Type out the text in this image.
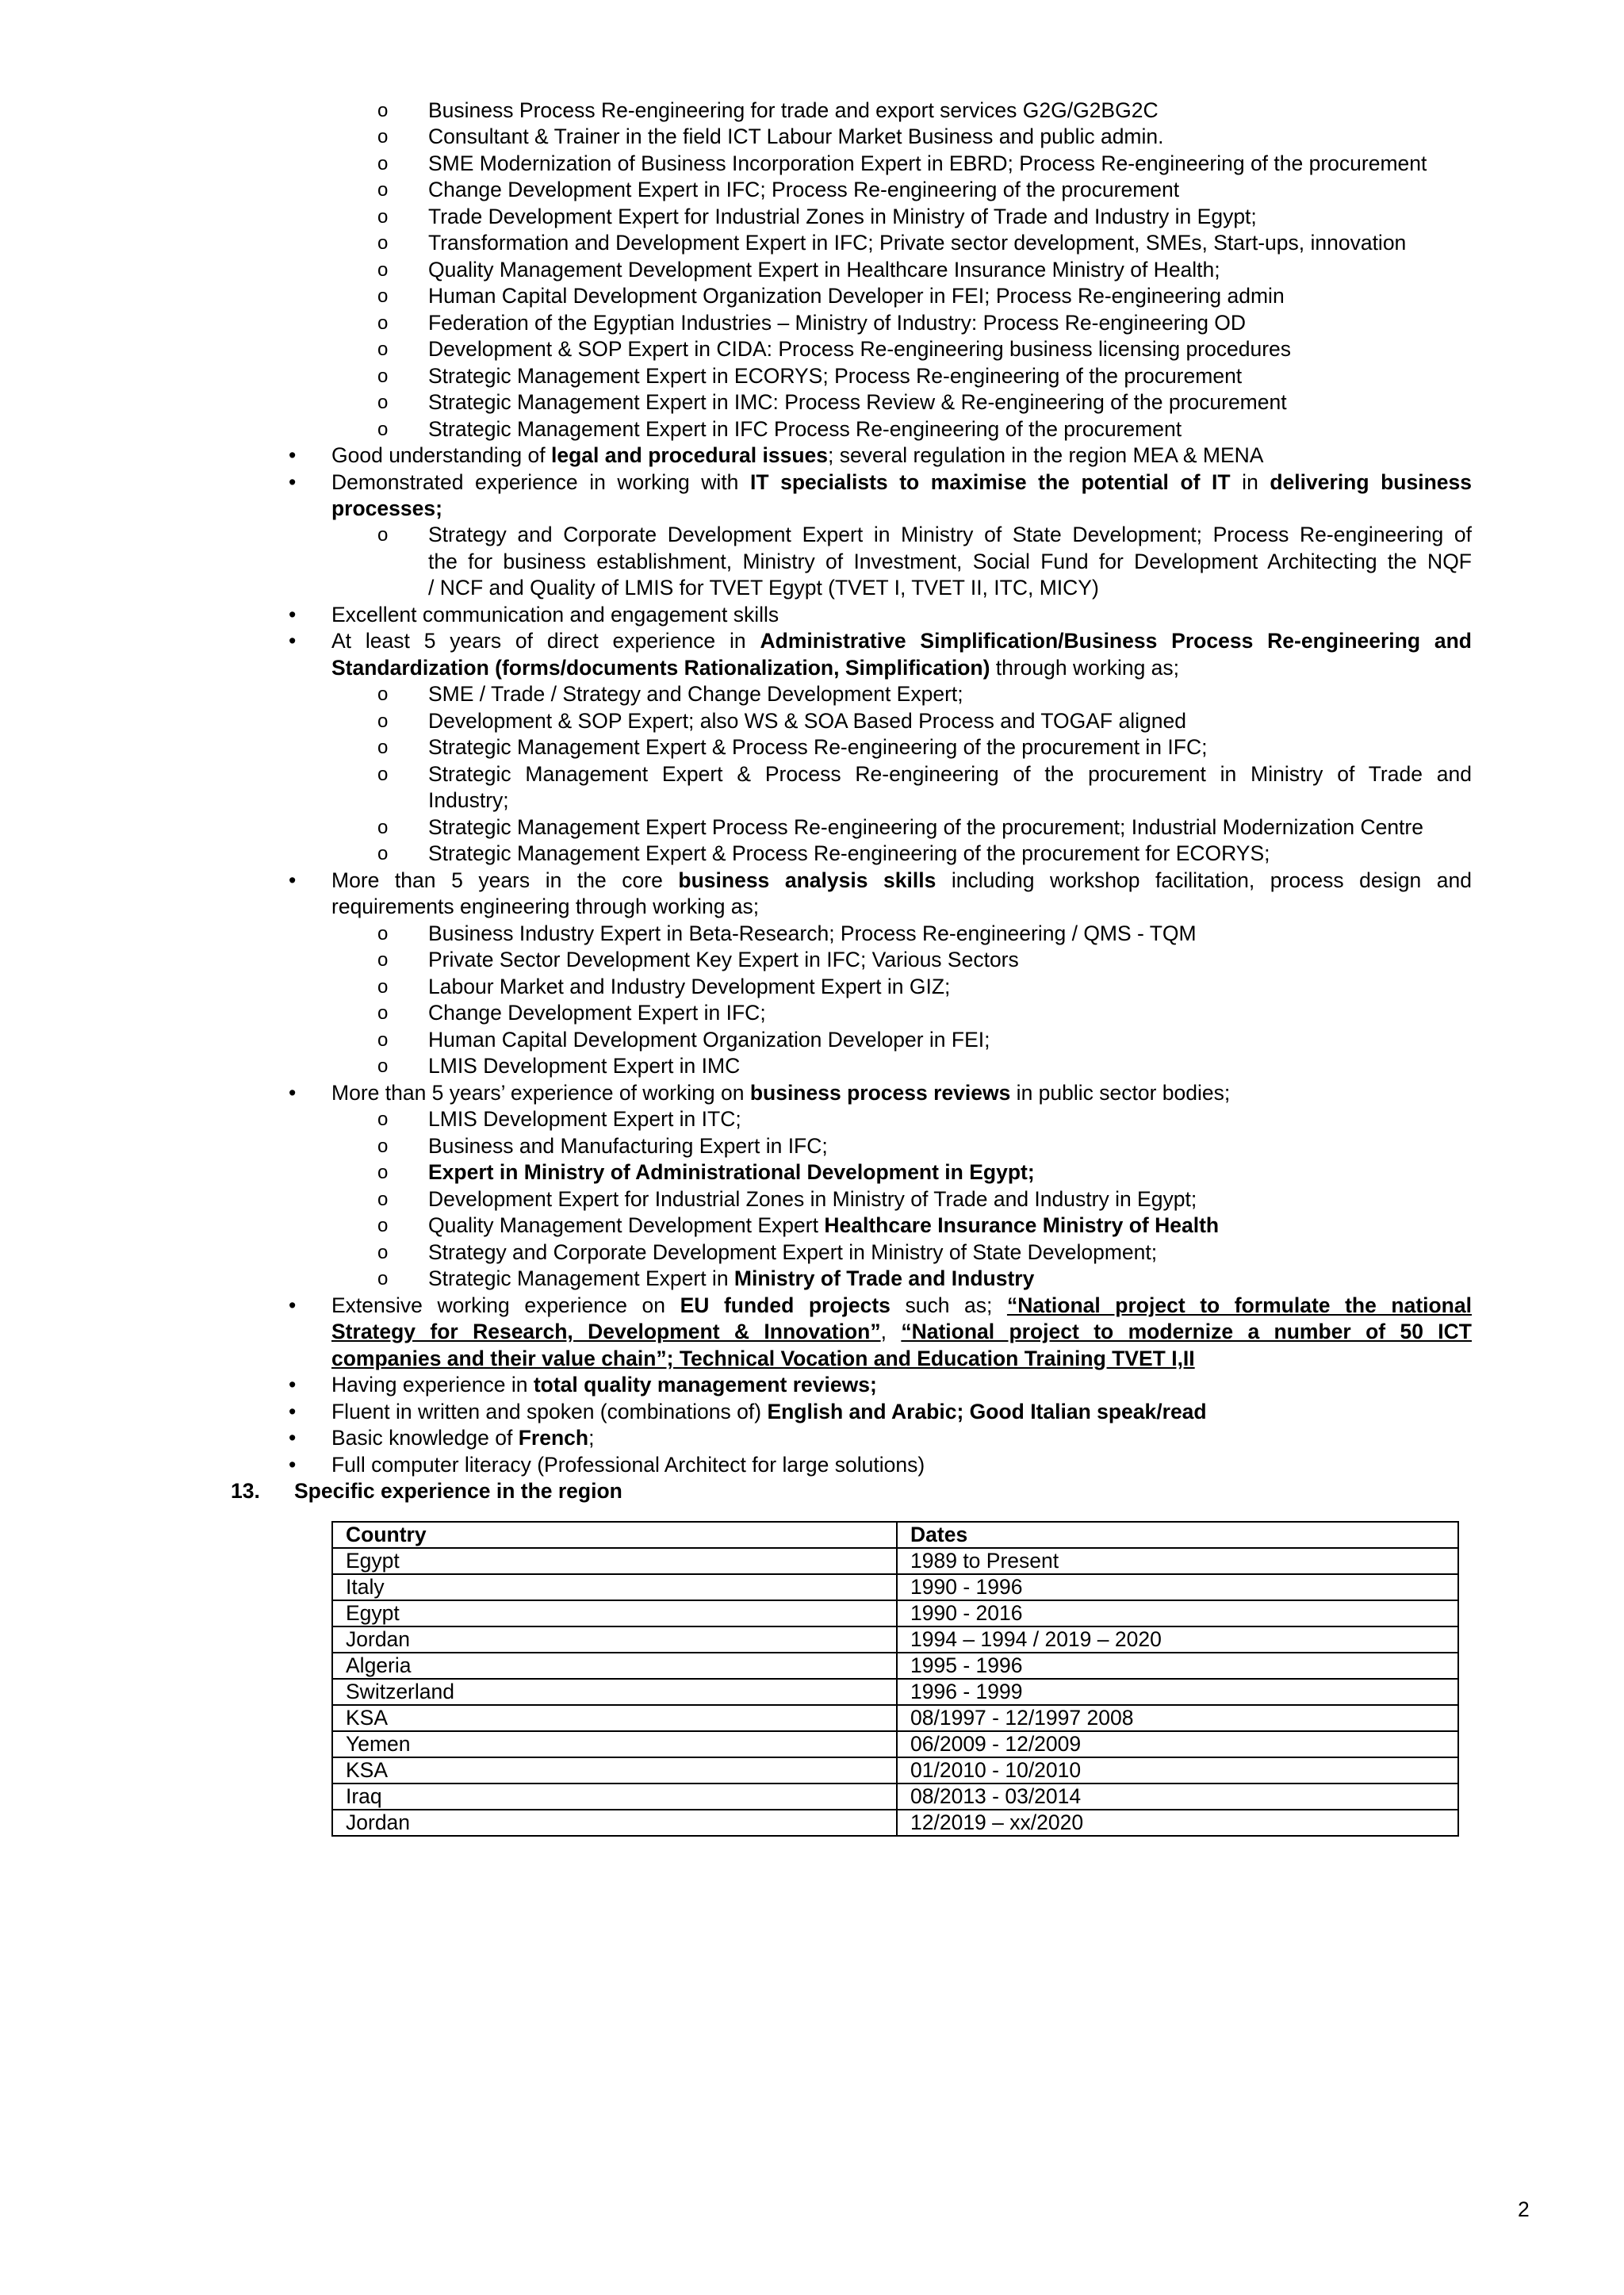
o Business Process Re-engineering for trade and export services G2G/G2BG2C
o Consultant & Trainer in the field ICT Labour Market Business and public admin.
o SME Modernization of Business Incorporation Expert in EBRD; Process Re-engineering of the procurement
o Change Development Expert in IFC; Process Re-engineering of the procurement
o Trade Development Expert for Industrial Zones in Ministry of Trade and Industry in Egypt;
o Transformation and Development Expert in IFC; Private sector development, SMEs, Start-ups, innovation
o Quality Management Development Expert in Healthcare Insurance Ministry of Health;
o Human Capital Development Organization Developer in FEI; Process Re-engineering admin
o Federation of the Egyptian Industries – Ministry of Industry: Process Re-engineering OD
o Development & SOP Expert in CIDA: Process Re-engineering business licensing procedures
o Strategic Management Expert in ECORYS; Process Re-engineering of the procurement
o Strategic Management Expert in IMC: Process Review & Re-engineering of the procurement
o Strategic Management Expert in IFC Process Re-engineering of the procurement
• Good understanding of legal and procedural issues; several regulation in the region MEA & MENA
• Demonstrated experience in working with IT specialists to maximise the potential of IT in delivering business
processes;
o Strategy and Corporate Development Expert in Ministry of State Development; Process Re-engineering of
the for business establishment, Ministry of Investment, Social Fund for Development Architecting the NQF
/ NCF and Quality of LMIS for TVET Egypt (TVET I, TVET II, ITC, MICY)
• Excellent communication and engagement skills
• At least 5 years of direct experience in Administrative Simplification/Business Process Re-engineering and
Standardization (forms/documents Rationalization, Simplification) through working as;
o SME / Trade / Strategy and Change Development Expert;
o Development & SOP Expert; also WS & SOA Based Process and TOGAF aligned
o Strategic Management Expert & Process Re-engineering of the procurement in IFC;
o Strategic Management Expert & Process Re-engineering of the procurement in Ministry of Trade and
Industry;
o Strategic Management Expert Process Re-engineering of the procurement; Industrial Modernization Centre
o Strategic Management Expert & Process Re-engineering of the procurement for ECORYS;
• More than 5 years in the core business analysis skills including workshop facilitation, process design and
requirements engineering through working as;
o Business Industry Expert in Beta-Research; Process Re-engineering / QMS - TQM
o Private Sector Development Key Expert in IFC; Various Sectors
o Labour Market and Industry Development Expert in GIZ;
o Change Development Expert in IFC;
o Human Capital Development Organization Developer in FEI;
o LMIS Development Expert in IMC
• More than 5 years’ experience of working on business process reviews in public sector bodies;
o LMIS Development Expert in ITC;
o Business and Manufacturing Expert in IFC;
o Expert in Ministry of Administrational Development in Egypt;
o Development Expert for Industrial Zones in Ministry of Trade and Industry in Egypt;
o Quality Management Development Expert Healthcare Insurance Ministry of Health
o Strategy and Corporate Development Expert in Ministry of State Development;
o Strategic Management Expert in Ministry of Trade and Industry
• Extensive working experience on EU funded projects such as; “National project to formulate the national
Strategy for Research, Development & Innovation”, “National project to modernize a number of 50 ICT
companies and their value chain”; Technical Vocation and Education Training TVET I,II
• Having experience in total quality management reviews;
• Fluent in written and spoken (combinations of) English and Arabic; Good Italian speak/read
• Basic knowledge of French;
• Full computer literacy (Professional Architect for large solutions)
13. Specific experience in the region
Country	Dates
Egypt	1989 to Present
Italy	1990 - 1996
Egypt	1990 - 2016
Jordan	1994 – 1994 / 2019 – 2020
Algeria	1995 - 1996
Switzerland	1996 - 1999
KSA	08/1997 - 12/1997 2008
Yemen	06/2009 - 12/2009
KSA	01/2010 - 10/2010
Iraq	08/2013 - 03/2014
Jordan	12/2019 – xx/2020
2
